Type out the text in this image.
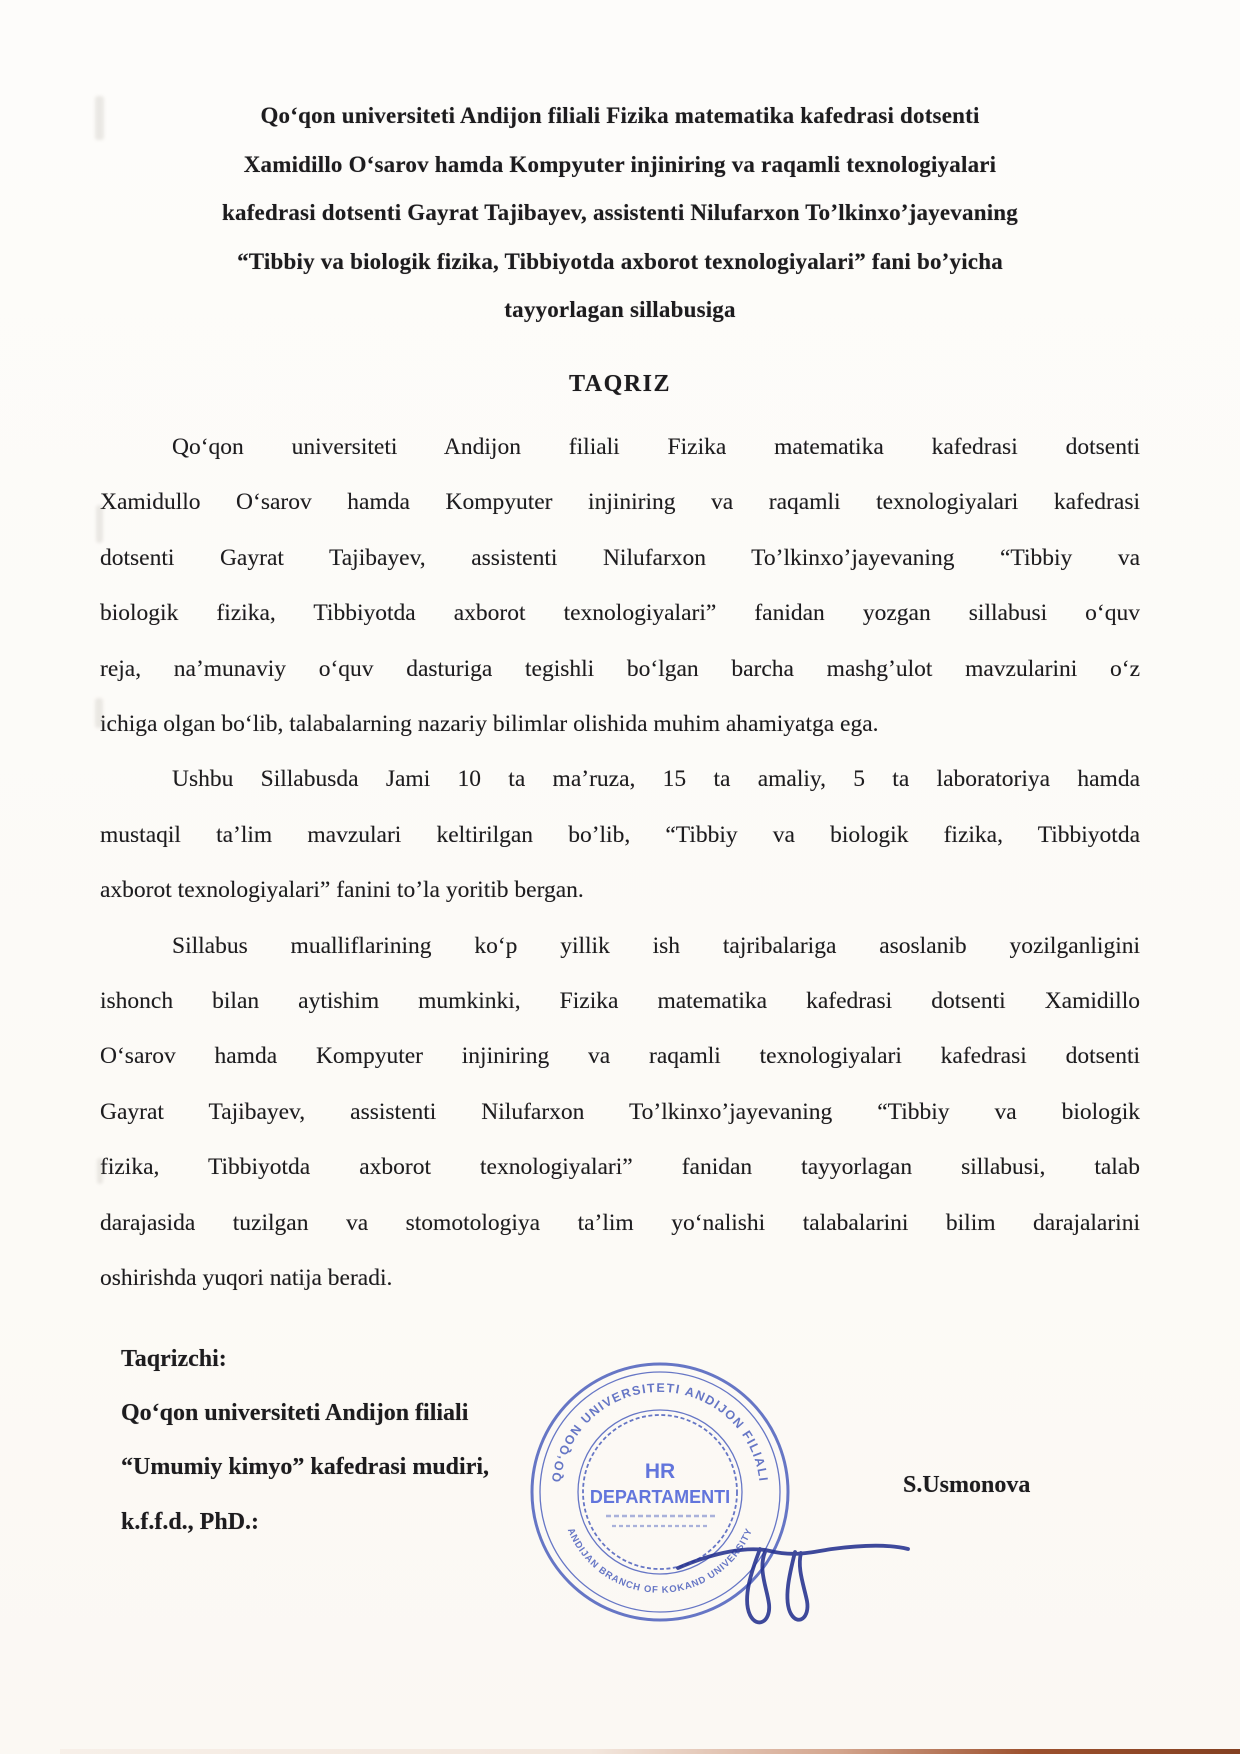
Qo‘qon universiteti Andijon filiali Fizika matematika kafedrasi dotsenti
Xamidillo O‘sarov hamda Kompyuter injiniring va raqamli texnologiyalari
kafedrasi dotsenti Gayrat Tajibayev, assistenti Nilufarxon To’lkinxo’jayevaning
“Tibbiy va biologik fizika, Tibbiyotda axborot texnologiyalari” fani bo’yicha
tayyorlagan sillabusiga
TAQRIZ
Qo‘qon universiteti Andijon filiali Fizika matematika kafedrasi dotsenti
Xamidullo O‘sarov hamda Kompyuter injiniring va raqamli texnologiyalari kafedrasi
dotsenti Gayrat Tajibayev, assistenti Nilufarxon To’lkinxo’jayevaning “Tibbiy va
biologik fizika, Tibbiyotda axborot texnologiyalari” fanidan yozgan sillabusi o‘quv
reja, na’munaviy o‘quv dasturiga tegishli bo‘lgan barcha mashg’ulot mavzularini o‘z
ichiga olgan bo‘lib, talabalarning nazariy bilimlar olishida muhim ahamiyatga ega.
Ushbu Sillabusda Jami 10 ta ma’ruza, 15 ta amaliy, 5 ta laboratoriya hamda
mustaqil ta’lim mavzulari keltirilgan bo’lib, “Tibbiy va biologik fizika, Tibbiyotda
axborot texnologiyalari” fanini to’la yoritib bergan.
Sillabus mualliflarining ko‘p yillik ish tajribalariga asoslanib yozilganligini
ishonch bilan aytishim mumkinki, Fizika matematika kafedrasi dotsenti Xamidillo
O‘sarov hamda Kompyuter injiniring va raqamli texnologiyalari kafedrasi dotsenti
Gayrat Tajibayev, assistenti Nilufarxon To’lkinxo’jayevaning “Tibbiy va biologik
fizika, Tibbiyotda axborot texnologiyalari” fanidan tayyorlagan sillabusi, talab
darajasida tuzilgan va stomotologiya ta’lim yo‘nalishi talabalarini bilim darajalarini
oshirishda yuqori natija beradi.
Taqrizchi:
Qo‘qon universiteti Andijon filiali
“Umumiy kimyo” kafedrasi mudiri,
k.f.f.d., PhD.:
S.Usmonova
QO‘QON UNIVERSITETI ANDIJON FILIALI
ANDIJAN BRANCH OF KOKAND UNIVERSITY
HR
DEPARTAMENTI
